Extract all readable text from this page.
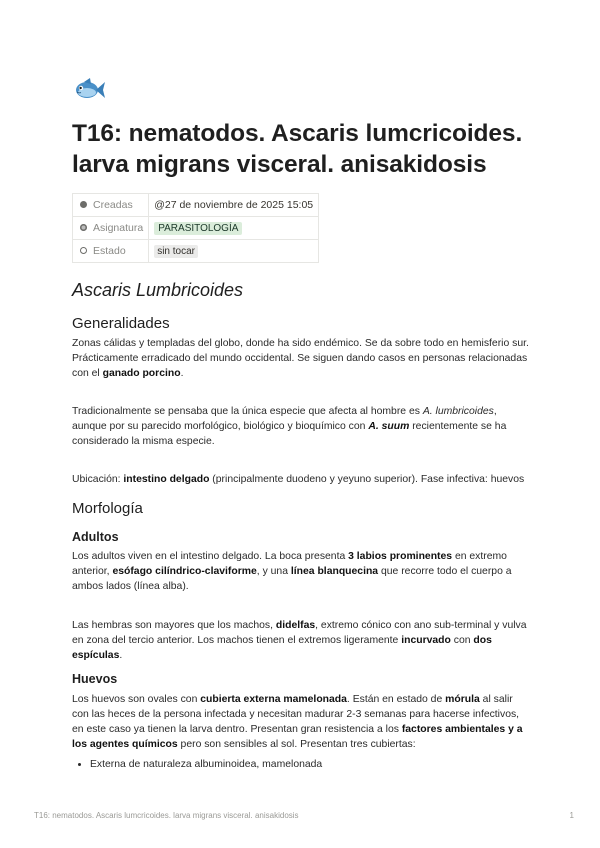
T16: nematodos. Ascaris lumcricoides. larva migrans visceral. anisakidosis
Creadas	@27 de noviembre de 2025 15:05
Asignatura	PARASITOLOGÍA
Estado	sin tocar
Ascaris Lumbricoides
Generalidades

Zonas cálidas y templadas del globo, donde ha sido endémico. Se da sobre todo en hemisferio sur. Prácticamente erradicado del mundo occidental. Se siguen dando casos en personas relacionadas con el ganado porcino.

Tradicionalmente se pensaba que la única especie que afecta al hombre es A. lumbricoides, aunque por su parecido morfológico, biológico y bioquímico con A. suum recientemente se ha considerado la misma especie.

Ubicación: intestino delgado (principalmente duodeno y yeyuno superior). Fase infectiva: huevos

Morfología
Adultos

Los adultos viven en el intestino delgado. La boca presenta 3 labios prominentes en extremo anterior, esófago cilíndrico-claviforme, y una línea blanquecina que recorre todo el cuerpo a ambos lados (línea alba).

Las hembras son mayores que los machos, didelfas, extremo cónico con ano sub-terminal y vulva en zona del tercio anterior. Los machos tienen el extremos ligeramente incurvado con dos espículas.

Huevos

Los huevos son ovales con cubierta externa mamelonada. Están en estado de mórula al salir con las heces de la persona infectada y necesitan madurar 2-3 semanas para hacerse infectivos, en este caso ya tienen la larva dentro. Presentan gran resistencia a los factores ambientales y a los agentes químicos pero son sensibles al sol. Presentan tres cubiertas:

• Externa de naturaleza albuminoidea, mamelonada
T16: nematodos. Ascaris lumcricoides. larva migrans visceral. anisakidosis	1
